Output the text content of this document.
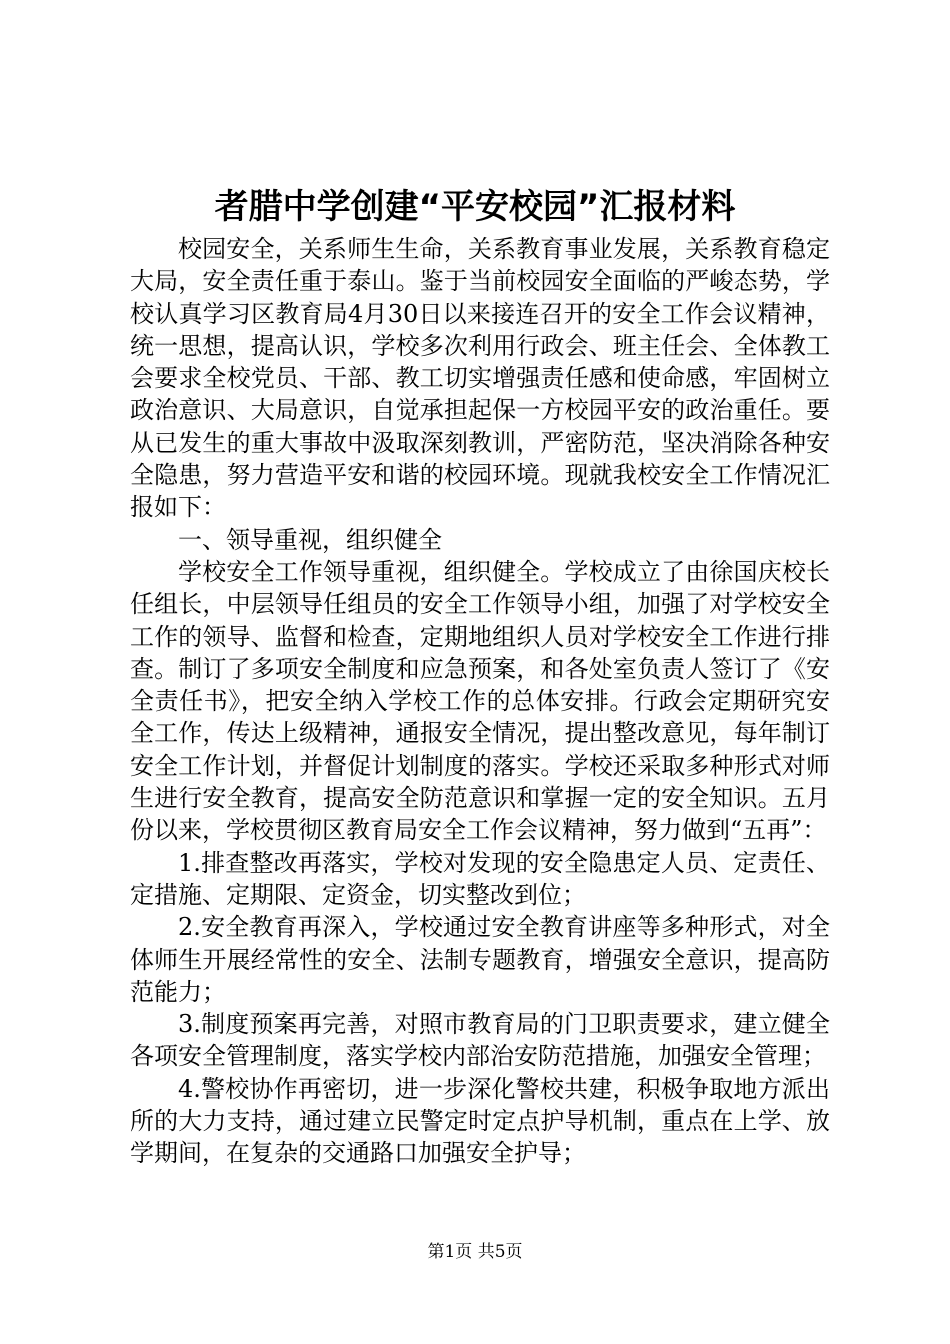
者腊中学创建“平安校园”汇报材料

校园安全，关系师生生命，关系教育事业发展，关系教育稳定大局，安全责任重于泰山。鉴于当前校园安全面临的严峻态势，学校认真学习区教育局4月30日以来接连召开的安全工作会议精神，统一思想，提高认识，学校多次利用行政会、班主任会、全体教工会要求全校党员、干部、教工切实增强责任感和使命感，牢固树立政治意识、大局意识，自觉承担起保一方校园平安的政治重任。要从已发生的重大事故中汲取深刻教训，严密防范，坚决消除各种安全隐患，努力营造平安和谐的校园环境。现就我校安全工作情况汇报如下：

一、领导重视，组织健全

学校安全工作领导重视，组织健全。学校成立了由徐国庆校长任组长，中层领导任组员的安全工作领导小组，加强了对学校安全工作的领导、监督和检查，定期地组织人员对学校安全工作进行排查。制订了多项安全制度和应急预案，和各处室负责人签订了《安全责任书》，把安全纳入学校工作的总体安排。行政会定期研究安全工作，传达上级精神，通报安全情况，提出整改意见，每年制订安全工作计划，并督促计划制度的落实。学校还采取多种形式对师生进行安全教育，提高安全防范意识和掌握一定的安全知识。五月份以来，学校贯彻区教育局安全工作会议精神，努力做到“五再”：

1.排查整改再落实，学校对发现的安全隐患定人员、定责任、定措施、定期限、定资金，切实整改到位；

2.安全教育再深入，学校通过安全教育讲座等多种形式，对全体师生开展经常性的安全、法制专题教育，增强安全意识，提高防范能力；

3.制度预案再完善，对照市教育局的门卫职责要求，建立健全各项安全管理制度，落实学校内部治安防范措施，加强安全管理；

4.警校协作再密切，进一步深化警校共建，积极争取地方派出所的大力支持，通过建立民警定时定点护导机制，重点在上学、放学期间，在复杂的交通路口加强安全护导；

第1页 共5页
